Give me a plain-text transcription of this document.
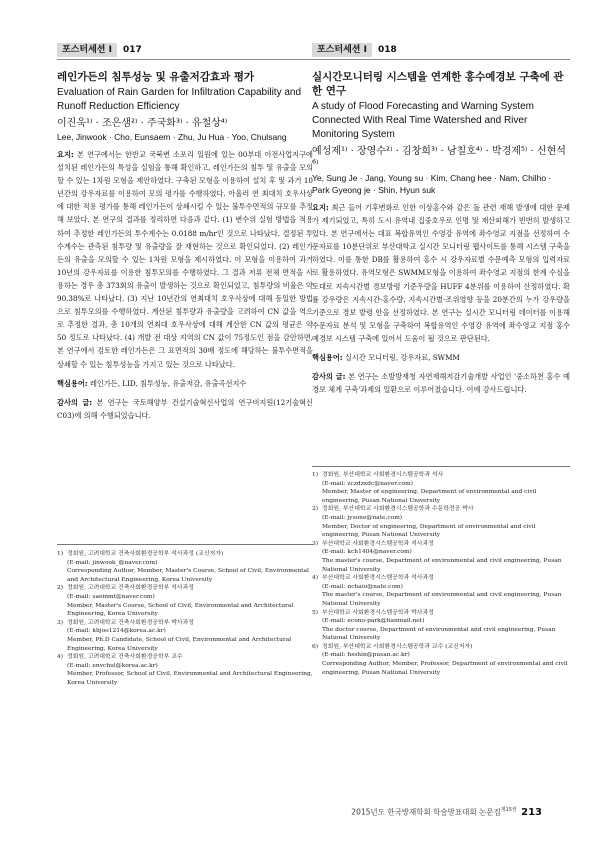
포스터세션 Ⅰ	017
레인가든의 침투성능 및 유출저감효과 평가
Evaluation of Rain Garden for Infiltration Capability and Runoff Reduction Efficiency
이진욱¹⁾ · 조은샘²⁾ · 주국화³⁾ · 유철상⁴⁾
Lee, Jinwook · Cho, Eunsaem · Zhu, Ju Hua · Yoo, Chulsang
요지: 본 연구에서는 한반교 국북변 소포리 일원에 있는 00부대 이전사업지구에 설치된 레인가든의 특성을 실험을 통해 확인하고, 레인가든의 침투 및 유출을 모의할 수 있는 1차원 모형을 제안하였다. 구축된 모형을 이용하여 설치 후 및 과거 10년간의 강우자료를 이용하여 모의 평가를 수행하였다. 아울러 연 최대치 호우사상에 대한 적용 평가를 통해 레인가든이 상쇄시킬 수 있는 불투수면적의 규모를 추정해 보았다. 본 연구의 결과를 정리하면 다음과 같다. (1) 변수위 실험 방법을 적용하여 추정한 레인가든의 투수계수는 0.0188 m/hr인 것으로 나타났다. 결정된 투수계수는 관측된 침투량 및 유출량을 잘 재현하는 것으로 확인되었다. (2) 레인가든의 유출을 모의할 수 있는 1차원 모형을 제시하였다. 이 모형을 이용하여 과거 10년의 강우자료를 이용한 침투모의를 수행하였다. 그 결과 저류 전체 면적을 사용하는 경우 총 373회의 유출이 발생하는 것으로 확인되었고, 침투량의 비율은 약 90.38%로 나타났다. (3) 지난 10년간의 연최대치 호우사상에 대해 동일한 방법으로 침투모의를 수행하였다. 계산된 침투량과 유출량을 고려하여 CN 값을 역으로 추정한 결과, 총 10개의 연최대 호우사상에 대해 계산한 CN 값의 평균은 약 50 정도로 나타났다. (4) 개발 전 대상 지역의 CN 값이 75정도인 점을 감안하면, 본 연구에서 검토한 레인가든은 그 표면적의 30배 정도에 해당하는 불투수면적을 상쇄할 수 있는 침투성능을 가지고 있는 것으로 나타났다.
핵심용어: 레인가든, LID, 침투성능, 유출저감, 유출곡선지수
감사의 글: 본 연구는 국토해양부 건설기술혁신사업의 연구비지원(12기술혁신C03)에 의해 수행되었습니다.
1) 정회원, 고려대학교 건축사회환경공학부 석사과정 (교신저자)
(E-mail: jinwook_@naver.com)
Corresponding Author, Member, Master's Course, School of Civil, Environmental and Architectural Engineering, Korea University
2) 정회원, 고려대학교 건축사회환경공학부 석사과정
(E-mail: saemmt@naver.com)
Member, Master's Course, School of Civil, Environmental and Architectural Engineering, Korea University
3) 정회원, 고려대학교 건축사회환경공학부 박사과정
(E-mail: khjoo1214@korea.ac.kr)
Member, Ph.D Candidate, School of Civil, Environmental and Architectural Engineering, Korea University
4) 정회원, 고려대학교 건축사회환경공학부 교수
(E-mail: envchul@korea.ac.kr)
Member, Professor, School of Civil, Environmental and Architectural Engineering, Korea University
포스터세션 Ⅰ	018
실시간모니터링 시스템을 연계한 홍수예경보 구축에 관한 연구
A study of Flood Forecasting and Warning System Connected With Real Time Watershed and River Monitoring System
예성제¹⁾ · 장영수²⁾ · 김창희³⁾ · 남칠호⁴⁾ · 박경제⁵⁾ · 신현석⁶⁾
Ye, Sung Je · Jang, Young su · Kim, Chang hee · Nam, Chilho · Park Gyeong je · Shin, Hyun suk
요지: 최근 들어 기후변화로 인한 이상홍수와 같은 돌 관련 재해 발생에 대한 문제가 제기되었고, 특히 도시 유역내 집중호우로 인명 및 재산피해가 빈번히 발생하고 있다. 본 연구에서는 대표 복합유역인 수영강 유역에 좌수영교 지점을 선정하여 수문자료를 10분단위로 부산대학교 실시간 모니터링 웹사이트를 통해 시스템 구축을 하였다. 이를 통한 DB를 활용하여 홍수 시 강우자료별 수문예측 모형의 입력자료로 활용하였다. 유역모형은 SWMM모형을 이용하여 좌수영교 지점의 한계 수심을 토대로 지속시간별 경보방령 기준우량을 HUFF 4분위를 이용하여 산정하였다. 확률 강우량은 지속시간-홍수량, 지속시간별-조위영향 등을 20분간의 누가 강우량을 기준으로 경보 발령 안을 선정하였다. 본 연구는 실시간 모니터링 데이터를 이용해 수문자료 분석 및 모형을 구축하여 복합유역인 수영강 유역에 좌수영교 지점 홍수예경보 시스템 구축에 있어서 도움이 될 것으로 판단된다.
핵심용어: 실시간 모니터링, 강우자료, SWMM
감사의 글: 본 연구는 소방방재청 자연재해저감기술개발 사업인 '중소하천 홍수 예경보 체계 구축'과제의 일환으로 이루어졌습니다. 이에 감사드립니다.
1) 정회원, 부산대학교 사회환경시스템공학과 석사
(E-mail: zczdzxdc@naver.com)
Member, Master of engineering, Department of environmental and civil engineering, Pusan National University
2) 정회원, 부산대학교 사회환경시스템공학과 수문학전공 박사
(E-mail: jysone@nate.com)
Member, Doctor of engineering, Department of environmental and civil engineering, Pusan National University
3) 부산대학교 사회환경시스템공학과 석사과정
(E-mail: kch1404@naver.com)
The master's course, Department of environmental and civil engineering, Pusan National University
4) 부산대학교 사회환경시스템공학과 석사과정
(E-mail: nchaio@nate.com)
The master's course, Department of environmental and civil engineering, Pusan National University
5) 부산대학교 사회환경시스템공학과 박사과정
(E-mail: econo-park@hanmail.net)
The doctor course, Department of environmental and civil engineering, Pusan National University
6) 정회원, 부산대학교 사회환경시스템공학과 교수 (교신저자)
(E-mail: hsshin@pusan.ac.kr)
Corresponding Author, Member, Professor, Department of environmental and civil engineering, Pusan National University
2015년도 한국방재학회 학술발표대회 논문집$^{제15권}$ 213
